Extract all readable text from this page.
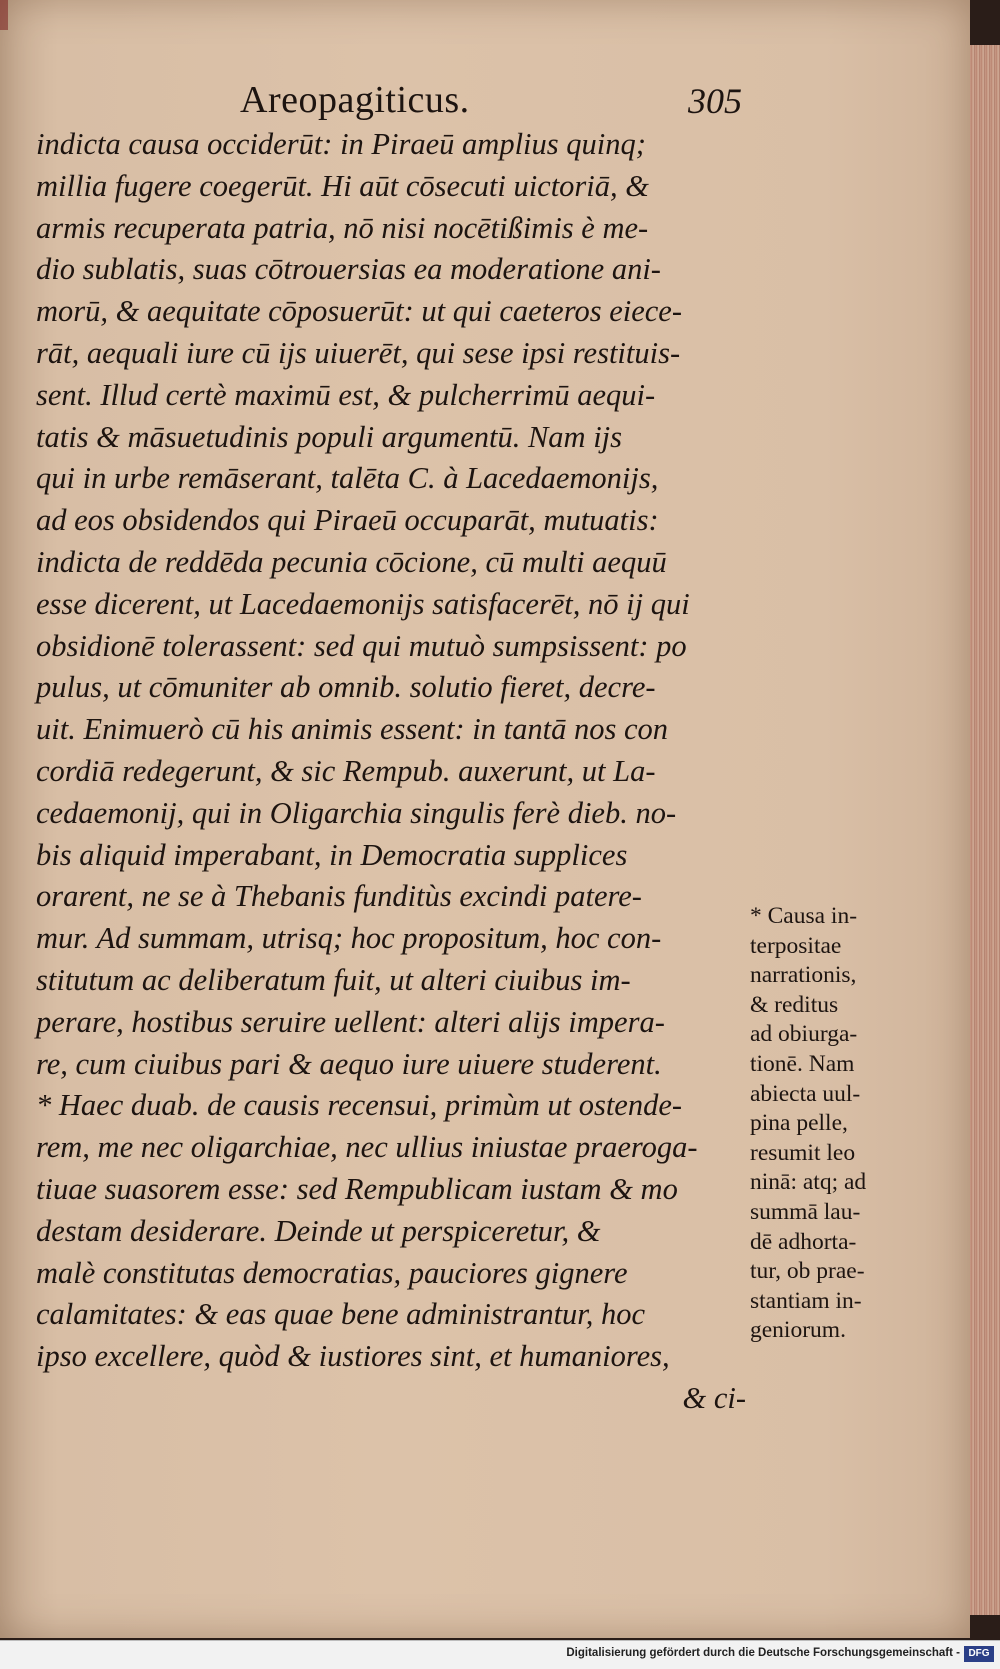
Areopagiticus.	305
indicta causa occiderūt: in Piraeū amplius quinq;
millia fugere coegerūt. Hi aūt cōsecuti uictoriā, &
armis recuperata patria, nō nisi nocētißimis è me-
dio sublatis, suas cōtrouersias ea moderatione ani-
morū, & aequitate cōposuerūt: ut qui caeteros eiece-
rāt, aequali iure cū ijs uiuerēt, qui sese ipsi restituis-
sent. Illud certè maximū est, & pulcherrimū aequi-
tatis & māsuetudinis populi argumentū. Nam ijs
qui in urbe remāserant, talēta C. à Lacedaemonijs,
ad eos obsidendos qui Piraeū occuparāt, mutuatis:
indicta de reddēda pecunia cōcione, cū multi aequū
esse dicerent, ut Lacedaemonijs satisfacerēt, nō ij qui
obsidionē tolerassent: sed qui mutuò sumpsissent: po
pulus, ut cōmuniter ab omnib. solutio fieret, decre-
uit. Enimuerò cū his animis essent: in tantā nos con
cordiā redegerunt, & sic Rempub. auxerunt, ut La-
cedaemonij, qui in Oligarchia singulis ferè dieb. no-
bis aliquid imperabant, in Democratia supplices
orarent, ne se à Thebanis funditùs excindi patere-
mur. Ad summam, utrisq; hoc propositum, hoc con-
stitutum ac deliberatum fuit, ut alteri ciuibus im-
perare, hostibus seruire uellent: alteri alijs impera-
re, cum ciuibus pari & aequo iure uiuere studerent.
* Haec duab. de causis recensui, primùm ut ostende-
rem, me nec oligarchiae, nec ullius iniustae praeroga-
tiuae suasorem esse: sed Rempublicam iustam & mo
destam desiderare. Deinde ut perspiceretur, &
malè constitutas democratias, pauciores gignere
calamitates: & eas quae bene administrantur, hoc
ipso excellere, quòd & iustiores sint, et humaniores,
& ci-
* Causa in-
terpositae
narrationis,
& reditus
ad obiurga-
tionē. Nam
abiecta uul-
pina pelle,
resumit leo
ninā: atq; ad
summā lau-
dē adhorta-
tur, ob prae-
stantiam in-
geniorum.
Digitalisierung gefördert durch die Deutsche Forschungsgemeinschaft - DFG
